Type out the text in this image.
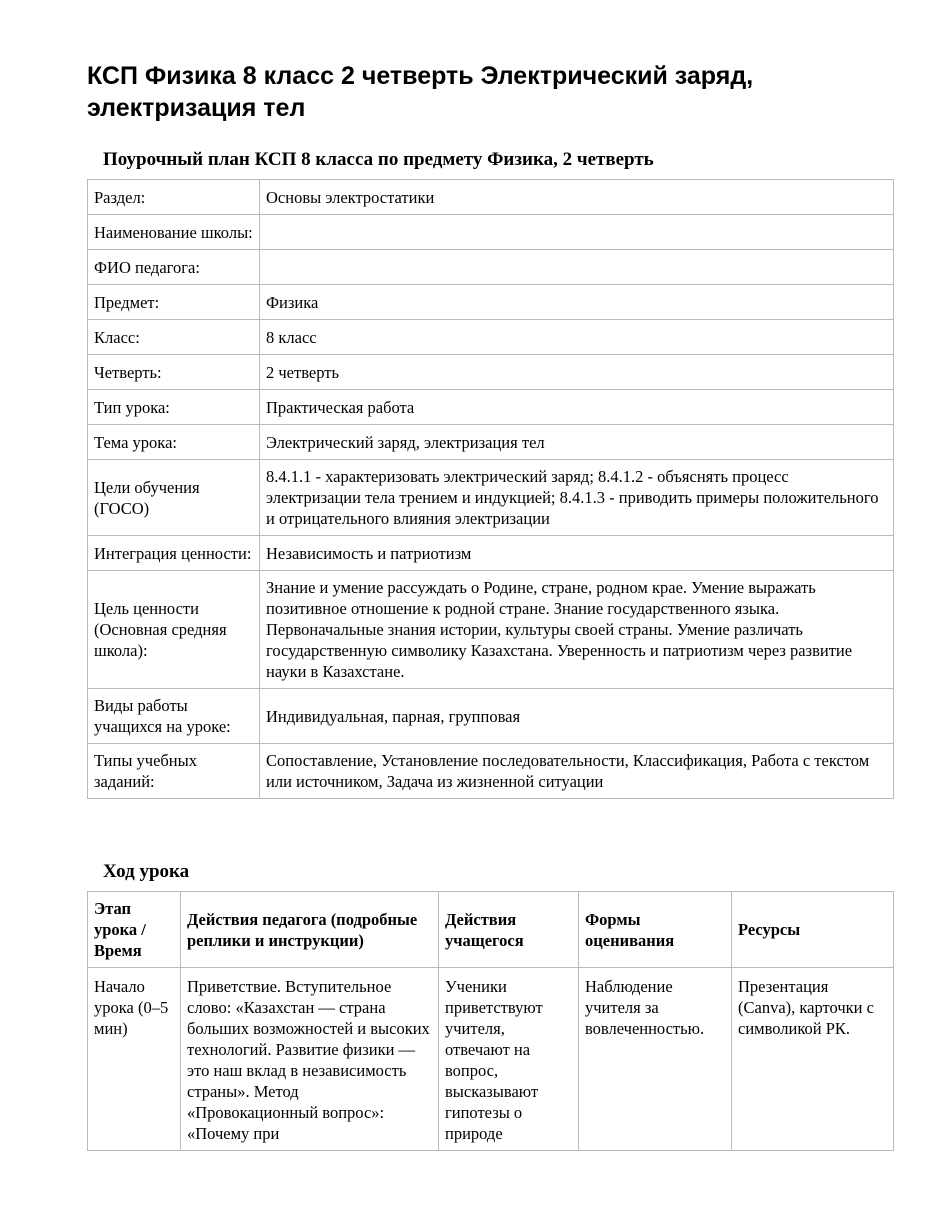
КСП Физика 8 класс 2 четверть Электрический заряд, электризация тел
Поурочный план КСП 8 класса по предмету Физика, 2 четверть
Раздел:	Основы электростатики
Наименование школы:	
ФИО педагога:	
Предмет:	Физика
Класс:	8 класс
Четверть:	2 четверть
Тип урока:	Практическая работа
Тема урока:	Электрический заряд, электризация тел
Цели обучения (ГОСО)	8.4.1.1 - характеризовать электрический заряд; 8.4.1.2 - объяснять процесс электризации тела трением и индукцией; 8.4.1.3 - приводить примеры положительного и отрицательного влияния электризации
Интеграция ценности:	Независимость и патриотизм
Цель ценности (Основная средняя школа):	Знание и умение рассуждать о Родине, стране, родном крае. Умение выражать позитивное отношение к родной стране. Знание государственного языка. Первоначальные знания истории, культуры своей страны. Умение различать государственную символику Казахстана. Уверенность и патриотизм через развитие науки в Казахстане.
Виды работы учащихся на уроке:	Индивидуальная, парная, групповая
Типы учебных заданий:	Сопоставление, Установление последовательности, Классификация, Работа с текстом или источником, Задача из жизненной ситуации
Ход урока
Этап урока / Время	Действия педагога (подробные реплики и инструкции)	Действия учащегося	Формы оценивания	Ресурсы
Начало урока (0–5 мин)	Приветствие. Вступительное слово: «Казахстан — страна больших возможностей и высоких технологий. Развитие физики — это наш вклад в независимость страны». Метод «Провокационный вопрос»: «Почему при	Ученики приветствуют учителя, отвечают на вопрос, высказывают гипотезы о природе	Наблюдение учителя за вовлеченностью.	Презентация (Canva), карточки с символикой РК.
